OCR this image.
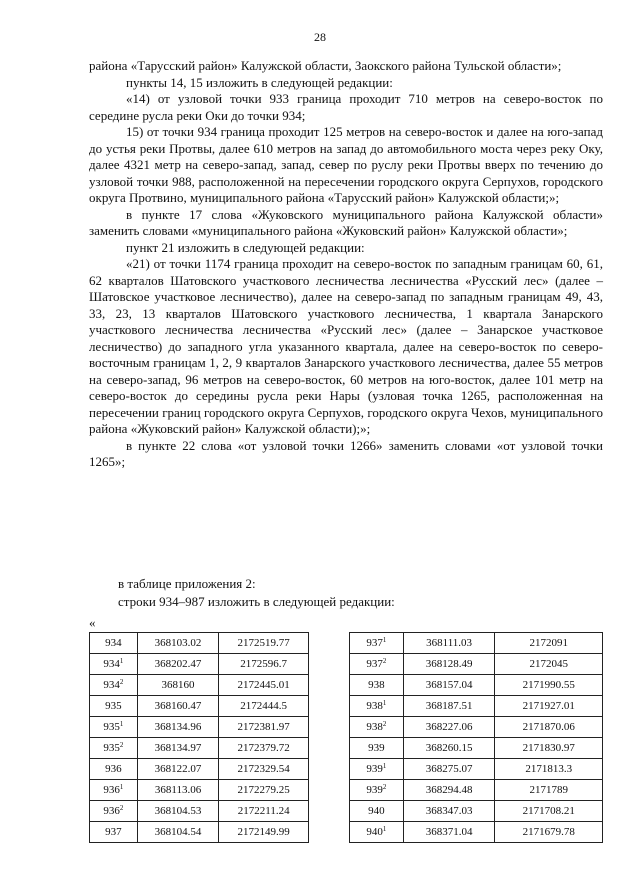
28

района «Тарусский район» Калужской области, Заокского района Тульской области»;

пункты 14, 15 изложить в следующей редакции:

«14) от узловой точки 933 граница проходит 710 метров на северо-восток по середине русла реки Оки до точки 934;

15) от точки 934 граница проходит 125 метров на северо-восток и далее на юго-запад до устья реки Протвы, далее 610 метров на запад до автомобильного моста через реку Оку, далее 4321 метр на северо-запад, запад, север по руслу реки Протвы вверх по течению до узловой точки 988, расположенной на пересечении городского округа Серпухов, городского округа Протвино, муниципального района «Тарусский район» Калужской области;»;

в пункте 17 слова «Жуковского муниципального района Калужской области» заменить словами «муниципального района «Жуковский район» Калужской области»;

пункт 21 изложить в следующей редакции:

«21) от точки 1174 граница проходит на северо-восток по западным границам 60, 61, 62 кварталов Шатовского участкового лесничества лесничества «Русский лес» (далее – Шатовское участковое лесничество), далее на северо-запад по западным границам 49, 43, 33, 23, 13 кварталов Шатовского участкового лесничества, 1 квартала Занарского участкового лесничества лесничества «Русский лес» (далее – Занарское участковое лесничество) до западного угла указанного квартала, далее на северо-восток по северо-восточным границам 1, 2, 9 кварталов Занарского участкового лесничества, далее 55 метров на северо-запад, 96 метров на северо-восток, 60 метров на юго-восток, далее 101 метр на северо-восток до середины русла реки Нары (узловая точка 1265, расположенная на пересечении границ городского округа Серпухов, городского округа Чехов, муниципального района «Жуковский район» Калужской области);»;

в пункте 22 слова «от узловой точки 1266» заменить словами «от узловой точки 1265»;

в таблице приложения 2:

строки 934–987 изложить в следующей редакции:

«
934	368103.02	2172519.77
$934^1$	368202.47	2172596.7
$934^2$	368160	2172445.01
935	368160.47	2172444.5
$935^1$	368134.96	2172381.97
$935^2$	368134.97	2172379.72
936	368122.07	2172329.54
$936^1$	368113.06	2172279.25
$936^2$	368104.53	2172211.24
937	368104.54	2172149.99
$937^1$	368111.03	2172091
$937^2$	368128.49	2172045
938	368157.04	2171990.55
$938^1$	368187.51	2171927.01
$938^2$	368227.06	2171870.06
939	368260.15	2171830.97
$939^1$	368275.07	2171813.3
$939^2$	368294.48	2171789
940	368347.03	2171708.21
$940^1$	368371.04	2171679.78
